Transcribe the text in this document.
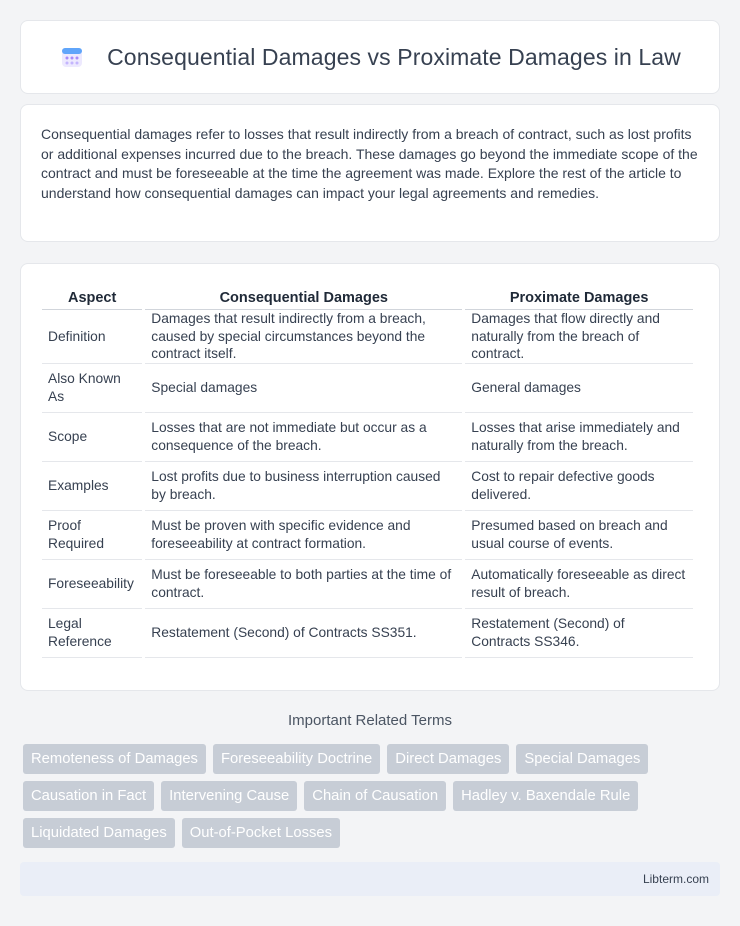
Consequential Damages vs Proximate Damages in Law

Consequential damages refer to losses that result indirectly from a breach of contract, such as lost profits or additional expenses incurred due to the breach. These damages go beyond the immediate scope of the contract and must be foreseeable at the time the agreement was made. Explore the rest of the article to understand how consequential damages can impact your legal agreements and remedies.

Aspect	Consequential Damages	Proximate Damages
Definition	Damages that result indirectly from a breach, caused by special circumstances beyond the contract itself.	Damages that flow directly and naturally from the breach of contract.
Also Known As	Special damages	General damages
Scope	Losses that are not immediate but occur as a consequence of the breach.	Losses that arise immediately and naturally from the breach.
Examples	Lost profits due to business interruption caused by breach.	Cost to repair defective goods delivered.
Proof Required	Must be proven with specific evidence and foreseeability at contract formation.	Presumed based on breach and usual course of events.
Foreseeability	Must be foreseeable to both parties at the time of contract.	Automatically foreseeable as direct result of breach.
Legal Reference	Restatement (Second) of Contracts SS351.	Restatement (Second) of Contracts SS346.
Important Related Terms
Remoteness of Damages	Foreseeability Doctrine	Direct Damages	Special Damages
Causation in Fact	Intervening Cause	Chain of Causation	Hadley v. Baxendale Rule
Liquidated Damages	Out-of-Pocket Losses
Libterm.com
